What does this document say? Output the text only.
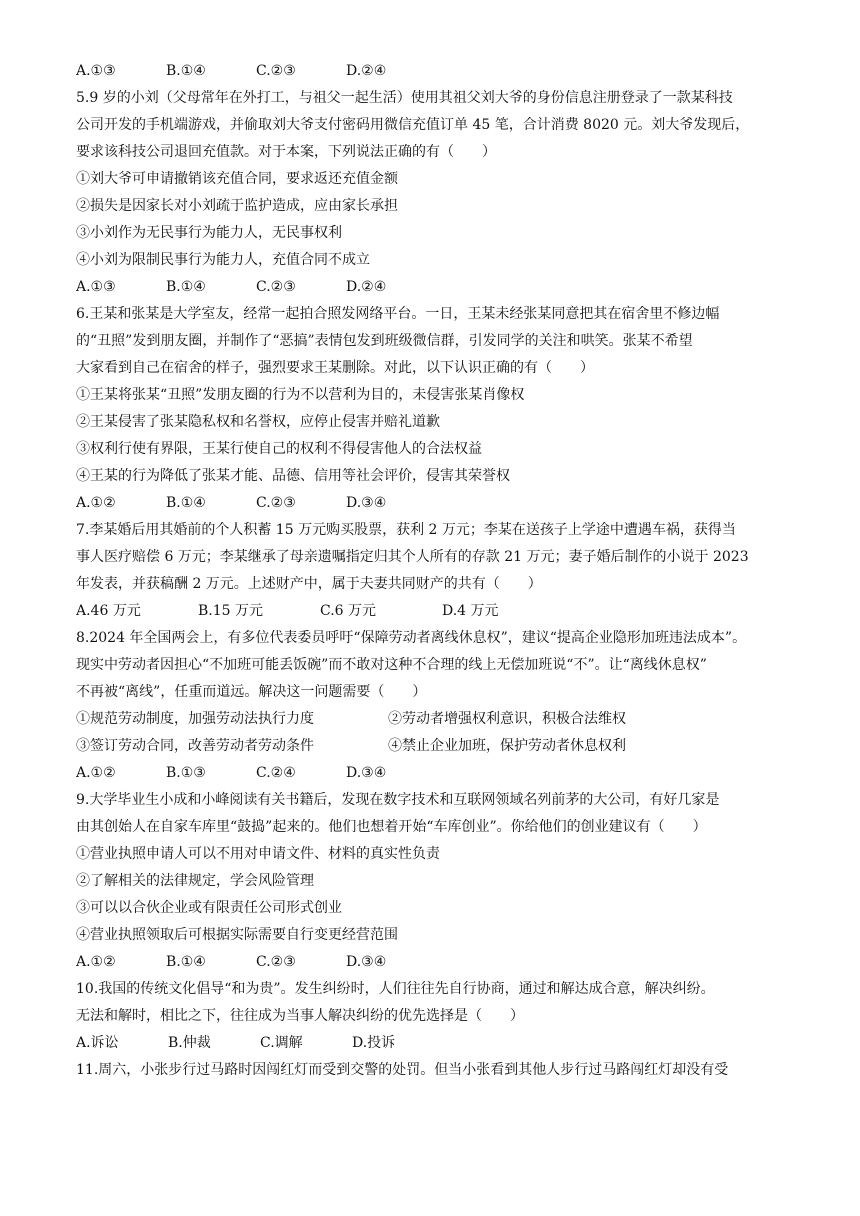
A.①③	B.①④	C.②③	D.②④
5.9 岁的小刘（父母常年在外打工，与祖父一起生活）使用其祖父刘大爷的身份信息注册登录了一款某科技
公司开发的手机端游戏，并偷取刘大爷支付密码用微信充值订单 45 笔，合计消费 8020 元。刘大爷发现后，
要求该科技公司退回充值款。对于本案，下列说法正确的有（　　）
①刘大爷可申请撤销该充值合同，要求返还充值金额
②损失是因家长对小刘疏于监护造成，应由家长承担
③小刘作为无民事行为能力人，无民事权利
④小刘为限制民事行为能力人，充值合同不成立
A.①③	B.①④	C.②③	D.②④
6.王某和张某是大学室友，经常一起拍合照发网络平台。一日，王某未经张某同意把其在宿舍里不修边幅
的“丑照”发到朋友圈，并制作了“恶搞”表情包发到班级微信群，引发同学的关注和哄笑。张某不希望
大家看到自己在宿舍的样子，强烈要求王某删除。对此，以下认识正确的有（　　）
①王某将张某“丑照”发朋友圈的行为不以营利为目的，未侵害张某肖像权
②王某侵害了张某隐私权和名誉权，应停止侵害并赔礼道歉
③权利行使有界限，王某行使自己的权利不得侵害他人的合法权益
④王某的行为降低了张某才能、品德、信用等社会评价，侵害其荣誉权
A.①②	B.①④	C.②③	D.③④
7.李某婚后用其婚前的个人积蓄 15 万元购买股票，获利 2 万元；李某在送孩子上学途中遭遇车祸，获得当
事人医疗赔偿 6 万元；李某继承了母亲遗嘱指定归其个人所有的存款 21 万元；妻子婚后制作的小说于 2023
年发表，并获稿酬 2 万元。上述财产中，属于夫妻共同财产的共有（　　）
A.46 万元	B.15 万元	C.6 万元	D.4 万元
8.2024 年全国两会上，有多位代表委员呼吁“保障劳动者离线休息权”，建议“提高企业隐形加班违法成本”。
现实中劳动者因担心“不加班可能丢饭碗”而不敢对这种不合理的线上无偿加班说“不”。让“离线休息权”
不再被“离线”，任重而道远。解决这一问题需要（　　）
①规范劳动制度，加强劳动法执行力度	②劳动者增强权利意识，积极合法维权
③签订劳动合同，改善劳动者劳动条件	④禁止企业加班，保护劳动者休息权利
A.①②	B.①③	C.②④	D.③④
9.大学毕业生小成和小峰阅读有关书籍后，发现在数字技术和互联网领域名列前茅的大公司，有好几家是
由其创始人在自家车库里“鼓捣”起来的。他们也想着开始“车库创业”。你给他们的创业建议有（　　）
①营业执照申请人可以不用对申请文件、材料的真实性负责
②了解相关的法律规定，学会风险管理
③可以以合伙企业或有限责任公司形式创业
④营业执照领取后可根据实际需要自行变更经营范围
A.①②	B.①④	C.②③	D.③④
10.我国的传统文化倡导“和为贵”。发生纠纷时，人们往往先自行协商，通过和解达成合意，解决纠纷。
无法和解时，相比之下，往往成为当事人解决纠纷的优先选择是（　　）
A.诉讼	B.仲裁	C.调解	D.投诉
11.周六，小张步行过马路时因闯红灯而受到交警的处罚。但当小张看到其他人步行过马路闯红灯却没有受
